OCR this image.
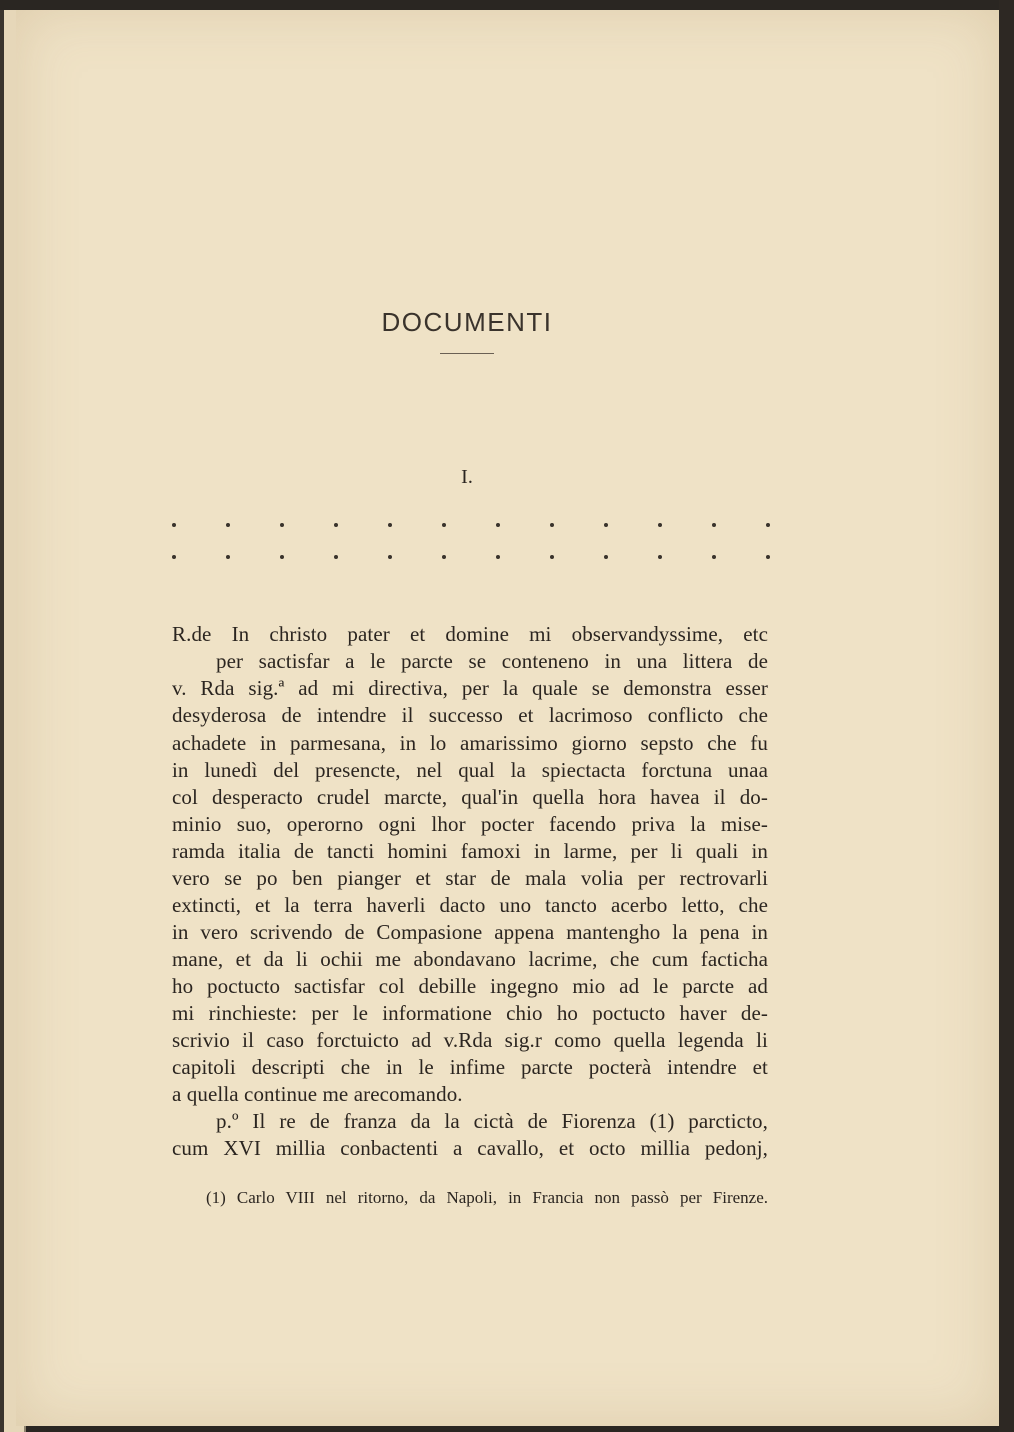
DOCUMENTI
I.
R.de In christo pater et domine mi observandyssime, etc
per sactisfar a le parcte se conteneno in una littera de
v. Rda sig.ª ad mi directiva, per la quale se demonstra esser
desyderosa de intendre il successo et lacrimoso conflicto che
achadete in parmesana, in lo amarissimo giorno sepsto che fu
in lunedì del presencte, nel qual la spiectacta forctuna unaa
col desperacto crudel marcte, qual'in quella hora havea il do-
minio suo, operorno ogni lhor pocter facendo priva la mise-
ramda italia de tancti homini famoxi in larme, per li quali in
vero se po ben pianger et star de mala volia per rectrovarli
extincti, et la terra haverli dacto uno tancto acerbo letto, che
in vero scrivendo de Compasione appena mantengho la pena in
mane, et da li ochii me abondavano lacrime, che cum facticha
ho poctucto sactisfar col debille ingegno mio ad le parcte ad
mi rinchieste: per le informatione chio ho poctucto haver de-
scrivio il caso forctuicto ad v.Rda sig.r como quella legenda li
capitoli descripti che in le infime parcte pocterà intendre et
a quella continue me arecomando.
p.º Il re de franza da la cictà de Fiorenza (1) parcticto,
cum XVI millia conbactenti a cavallo, et octo millia pedonj,
(1) Carlo VIII nel ritorno, da Napoli, in Francia non passò per Firenze.
